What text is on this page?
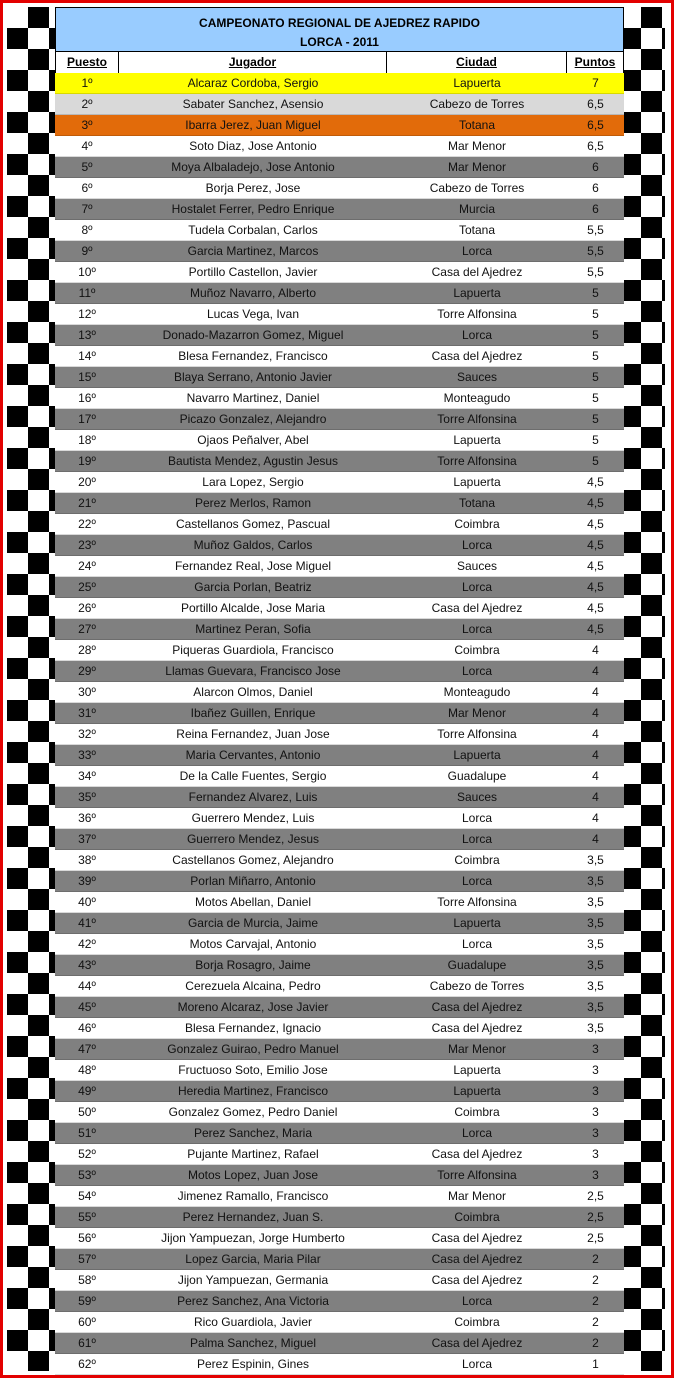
CAMPEONATO REGIONAL DE AJEDREZ RAPIDO
LORCA - 2011
Puesto	Jugador	Ciudad	Puntos
1º	Alcaraz Cordoba, Sergio	Lapuerta	7
2º	Sabater Sanchez, Asensio	Cabezo de Torres	6,5
3º	Ibarra Jerez, Juan Miguel	Totana	6,5
4º	Soto Diaz, Jose Antonio	Mar Menor	6,5
5º	Moya Albaladejo, Jose Antonio	Mar Menor	6
6º	Borja Perez, Jose	Cabezo de Torres	6
7º	Hostalet Ferrer, Pedro Enrique	Murcia	6
8º	Tudela Corbalan, Carlos	Totana	5,5
9º	Garcia Martinez, Marcos	Lorca	5,5
10º	Portillo Castellon, Javier	Casa del Ajedrez	5,5
11º	Muñoz Navarro, Alberto	Lapuerta	5
12º	Lucas Vega, Ivan	Torre Alfonsina	5
13º	Donado-Mazarron Gomez, Miguel	Lorca	5
14º	Blesa Fernandez, Francisco	Casa del Ajedrez	5
15º	Blaya Serrano, Antonio Javier	Sauces	5
16º	Navarro Martinez, Daniel	Monteagudo	5
17º	Picazo Gonzalez, Alejandro	Torre Alfonsina	5
18º	Ojaos Peñalver, Abel	Lapuerta	5
19º	Bautista Mendez, Agustin Jesus	Torre Alfonsina	5
20º	Lara Lopez, Sergio	Lapuerta	4,5
21º	Perez Merlos, Ramon	Totana	4,5
22º	Castellanos Gomez, Pascual	Coimbra	4,5
23º	Muñoz Galdos, Carlos	Lorca	4,5
24º	Fernandez Real, Jose Miguel	Sauces	4,5
25º	Garcia Porlan, Beatriz	Lorca	4,5
26º	Portillo Alcalde, Jose Maria	Casa del Ajedrez	4,5
27º	Martinez Peran, Sofia	Lorca	4,5
28º	Piqueras Guardiola, Francisco	Coimbra	4
29º	Llamas Guevara, Francisco Jose	Lorca	4
30º	Alarcon Olmos, Daniel	Monteagudo	4
31º	Ibañez Guillen, Enrique	Mar Menor	4
32º	Reina Fernandez, Juan Jose	Torre Alfonsina	4
33º	Maria Cervantes, Antonio	Lapuerta	4
34º	De la Calle Fuentes, Sergio	Guadalupe	4
35º	Fernandez Alvarez, Luis	Sauces	4
36º	Guerrero Mendez, Luis	Lorca	4
37º	Guerrero Mendez, Jesus	Lorca	4
38º	Castellanos Gomez, Alejandro	Coimbra	3,5
39º	Porlan Miñarro, Antonio	Lorca	3,5
40º	Motos Abellan, Daniel	Torre Alfonsina	3,5
41º	Garcia de Murcia, Jaime	Lapuerta	3,5
42º	Motos Carvajal, Antonio	Lorca	3,5
43º	Borja Rosagro, Jaime	Guadalupe	3,5
44º	Cerezuela Alcaina, Pedro	Cabezo de Torres	3,5
45º	Moreno Alcaraz, Jose Javier	Casa del Ajedrez	3,5
46º	Blesa Fernandez, Ignacio	Casa del Ajedrez	3,5
47º	Gonzalez Guirao, Pedro Manuel	Mar Menor	3
48º	Fructuoso Soto, Emilio Jose	Lapuerta	3
49º	Heredia Martinez, Francisco	Lapuerta	3
50º	Gonzalez Gomez, Pedro Daniel	Coimbra	3
51º	Perez Sanchez, Maria	Lorca	3
52º	Pujante Martinez, Rafael	Casa del Ajedrez	3
53º	Motos Lopez, Juan Jose	Torre Alfonsina	3
54º	Jimenez Ramallo, Francisco	Mar Menor	2,5
55º	Perez Hernandez, Juan S.	Coimbra	2,5
56º	Jijon Yampuezan, Jorge Humberto	Casa del Ajedrez	2,5
57º	Lopez Garcia, Maria Pilar	Casa del Ajedrez	2
58º	Jijon Yampuezan, Germania	Casa del Ajedrez	2
59º	Perez Sanchez, Ana Victoria	Lorca	2
60º	Rico Guardiola, Javier	Coimbra	2
61º	Palma Sanchez, Miguel	Casa del Ajedrez	2
62º	Perez Espinin, Gines	Lorca	1
